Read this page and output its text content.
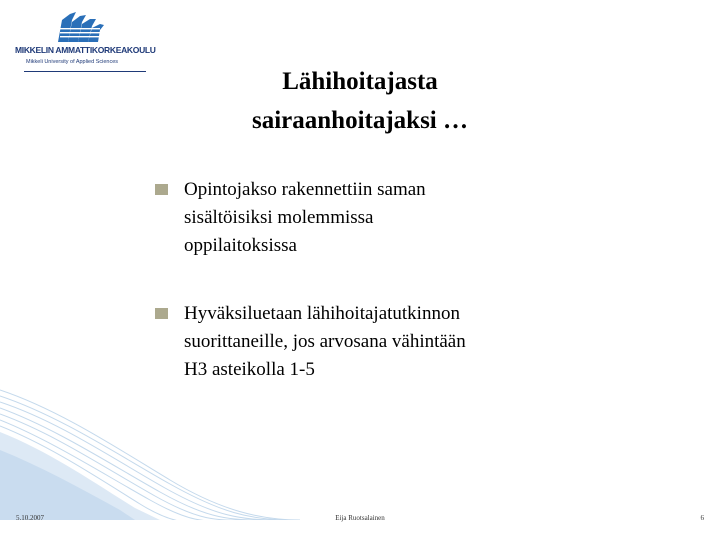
MIKKELIN AMMATTIKORKEAKOULU
Mikkeli University of Applied Sciences
Lähihoitajasta
sairaanhoitajaksi …
Opintojakso rakennettiin saman
sisältöisiksi molemmissa
oppilaitoksissa
Hyväksiluetaan lähihoitajatutkinnon
suorittaneille, jos arvosana vähintään
H3 asteikolla 1-5
5.10.2007	Eija Ruotsalainen	6
